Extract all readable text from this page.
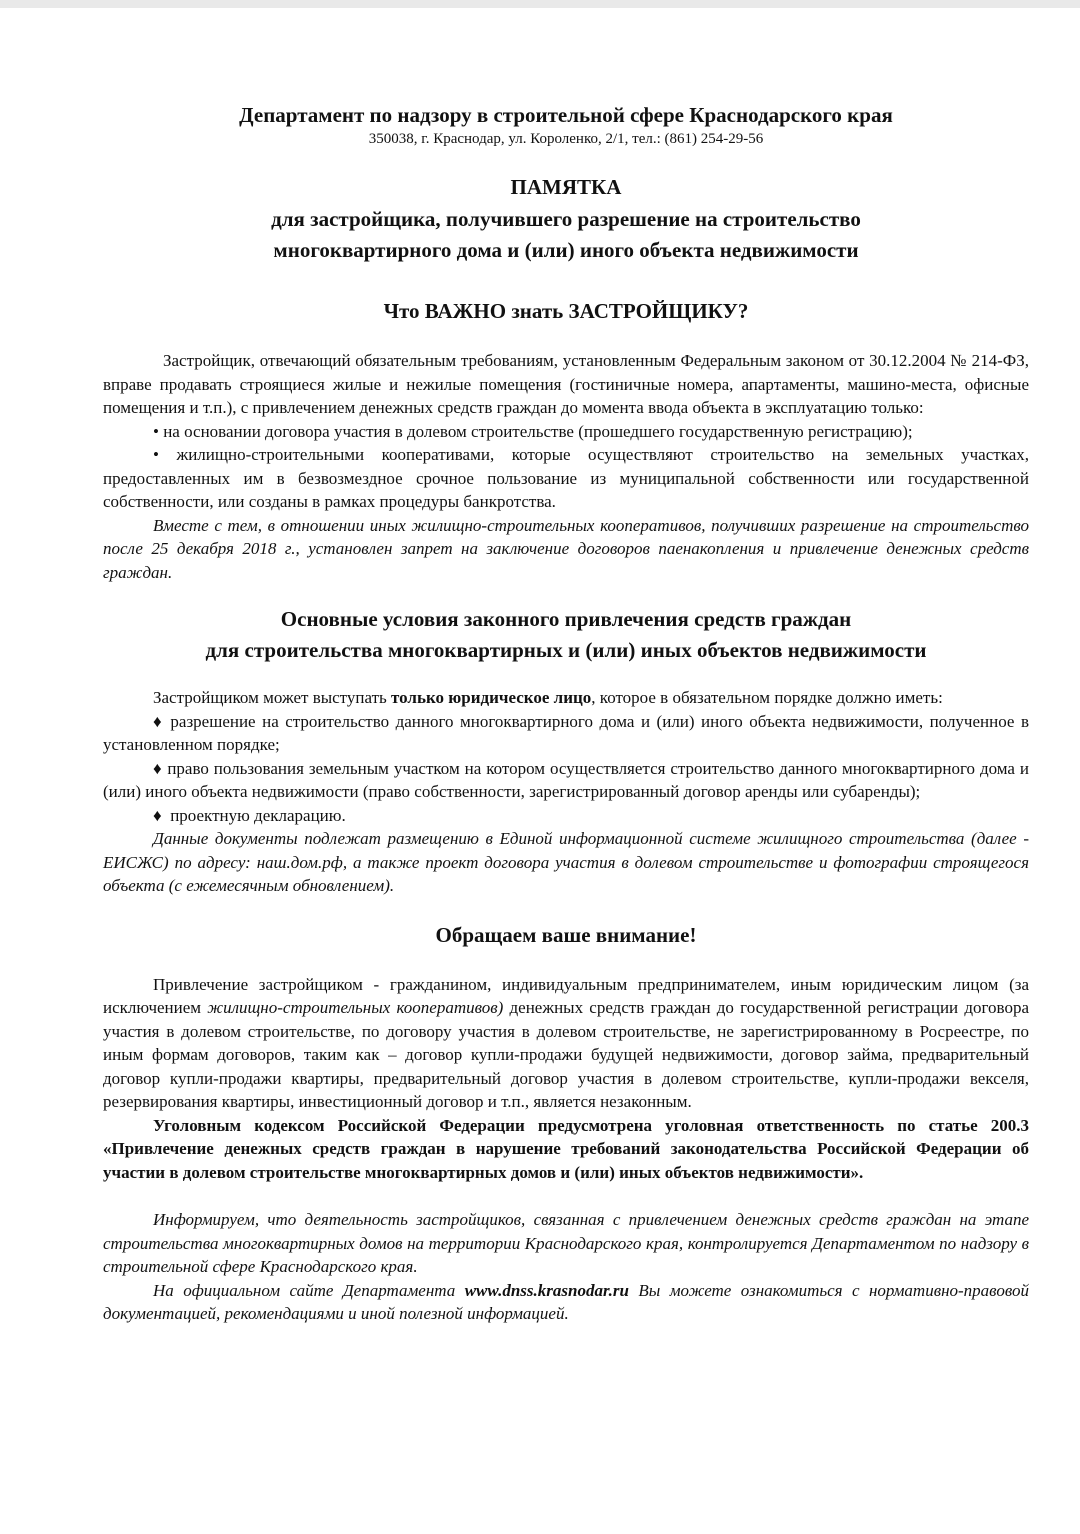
Департамент по надзору в строительной сфере Краснодарского края
350038, г. Краснодар, ул. Короленко, 2/1, тел.: (861) 254-29-56
ПАМЯТКА
для застройщика, получившего разрешение на строительство
многоквартирного дома и (или) иного объекта недвижимости
Что ВАЖНО знать ЗАСТРОЙЩИКУ?

Застройщик, отвечающий обязательным требованиям, установленным Федеральным законом от 30.12.2004 № 214-ФЗ, вправе продавать строящиеся жилые и нежилые помещения (гостиничные номера, апартаменты, машино-места, офисные помещения и т.п.), с привлечением денежных средств граждан до момента ввода объекта в эксплуатацию только:

• на основании договора участия в долевом строительстве (прошедшего государственную регистрацию);

• жилищно-строительными кооперативами, которые осуществляют строительство на земельных участках, предоставленных им в безвозмездное срочное пользование из муниципальной собственности или государственной собственности, или созданы в рамках процедуры банкротства.

Вместе с тем, в отношении иных жилищно-строительных кооперативов, получивших разрешение на строительство после 25 декабря 2018 г., установлен запрет на заключение договоров паенакопления и привлечение денежных средств граждан.

Основные условия законного привлечения средств граждан
для строительства многоквартирных и (или) иных объектов недвижимости

Застройщиком может выступать только юридическое лицо, которое в обязательном порядке должно иметь:

♦ разрешение на строительство данного многоквартирного дома и (или) иного объекта недвижимости, полученное в установленном порядке;

♦ право пользования земельным участком на котором осуществляется строительство данного многоквартирного дома и (или) иного объекта недвижимости (право собственности, зарегистрированный договор аренды или субаренды);

♦ проектную декларацию.

Данные документы подлежат размещению в Единой информационной системе жилищного строительства (далее - ЕИСЖС) по адресу: наш.дом.рф, а также проект договора участия в долевом строительстве и фотографии строящегося объекта (с ежемесячным обновлением).

Обращаем ваше внимание!

Привлечение застройщиком - гражданином, индивидуальным предпринимателем, иным юридическим лицом (за исключением жилищно-строительных кооперативов) денежных средств граждан до государственной регистрации договора участия в долевом строительстве, по договору участия в долевом строительстве, не зарегистрированному в Росреестре, по иным формам договоров, таким как – договор купли-продажи будущей недвижимости, договор займа, предварительный договор купли-продажи квартиры, предварительный договор участия в долевом строительстве, купли-продажи векселя, резервирования квартиры, инвестиционный договор и т.п., является незаконным.

Уголовным кодексом Российской Федерации предусмотрена уголовная ответственность по статье 200.3 «Привлечение денежных средств граждан в нарушение требований законодательства Российской Федерации об участии в долевом строительстве многоквартирных домов и (или) иных объектов недвижимости».

Информируем, что деятельность застройщиков, связанная с привлечением денежных средств граждан на этапе строительства многоквартирных домов на территории Краснодарского края, контролируется Департаментом по надзору в строительной сфере Краснодарского края.

На официальном сайте Департамента www.dnss.krasnodar.ru Вы можете ознакомиться с нормативно-правовой документацией, рекомендациями и иной полезной информацией.
